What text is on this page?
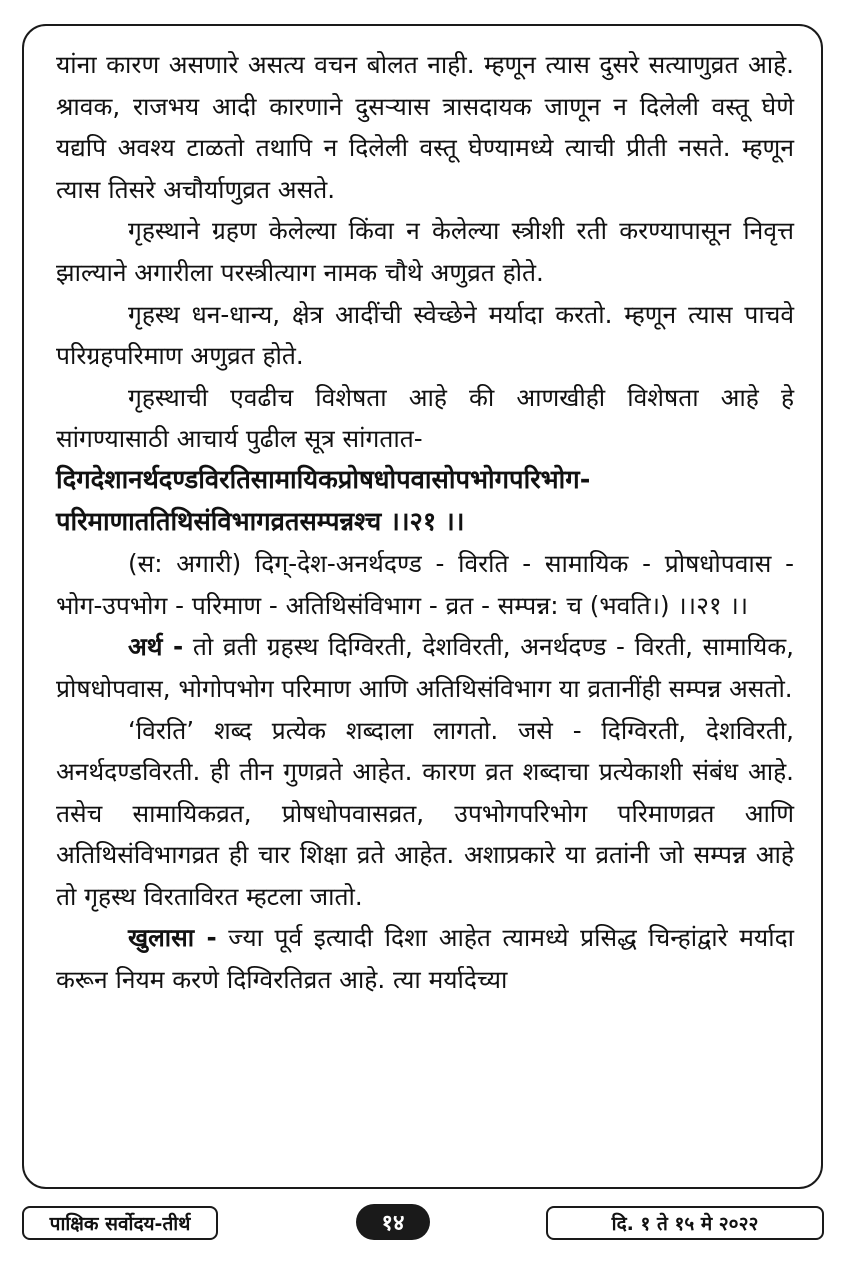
यांना कारण असणारे असत्य वचन बोलत नाही. म्हणून त्यास दुसरे सत्याणुव्रत आहे. श्रावक, राजभय आदी कारणाने दुसऱ्यास त्रासदायक जाणून न दिलेली वस्तू घेणे यद्यपि अवश्य टाळतो तथापि न दिलेली वस्तू घेण्यामध्ये त्याची प्रीती नसते. म्हणून त्यास तिसरे अचौर्याणुव्रत असते.

गृहस्थाने ग्रहण केलेल्या किंवा न केलेल्या स्त्रीशी रती करण्यापासून निवृत्त झाल्याने अगारीला परस्त्रीत्याग नामक चौथे अणुव्रत होते.

गृहस्थ धन-धान्य, क्षेत्र आदींची स्वेच्छेने मर्यादा करतो. म्हणून त्यास पाचवे परिग्रहपरिमाण अणुव्रत होते.

गृहस्थाची एवढीच विशेषता आहे की आणखीही विशेषता आहे हे सांगण्यासाठी आचार्य पुढील सूत्र सांगतात-

दिगदेशानर्थदण्डविरतिसामायिकप्रोषधोपवासोपभोगपरिभोग-

परिमाणाततिथिसंविभागव्रतसम्पन्नश्च ।।२१ ।।

(स: अगारी) दिग्-देश-अनर्थदण्ड - विरति - सामायिक - प्रोषधोपवास - भोग-उपभोग - परिमाण - अतिथिसंविभाग - व्रत - सम्पन्न: च (भवति।) ।।२१ ।।

अर्थ - तो व्रती ग्रहस्थ दिग्विरती, देशविरती, अनर्थदण्ड - विरती, सामायिक, प्रोषधोपवास, भोगोपभोग परिमाण आणि अतिथिसंविभाग या व्रतानींही सम्पन्न असतो.

‘विरति’ शब्द प्रत्येक शब्दाला लागतो. जसे - दिग्विरती, देशविरती, अनर्थदण्डविरती. ही तीन गुणव्रते आहेत. कारण व्रत शब्दाचा प्रत्येकाशी संबंध आहे. तसेच सामायिकव्रत, प्रोषधोपवासव्रत, उपभोगपरिभोग परिमाणव्रत आणि अतिथिसंविभागव्रत ही चार शिक्षा व्रते आहेत. अशाप्रकारे या व्रतांनी जो सम्पन्न आहे तो गृहस्थ विरताविरत म्हटला जातो.

खुलासा - ज्या पूर्व इत्यादी दिशा आहेत त्यामध्ये प्रसिद्ध चिन्हांद्वारे मर्यादा करून नियम करणे दिग्विरतिव्रत आहे. त्या मर्यादेच्या

पाक्षिक सर्वोदय-तीर्थ	१४	दि. १ ते १५ मे २०२२
